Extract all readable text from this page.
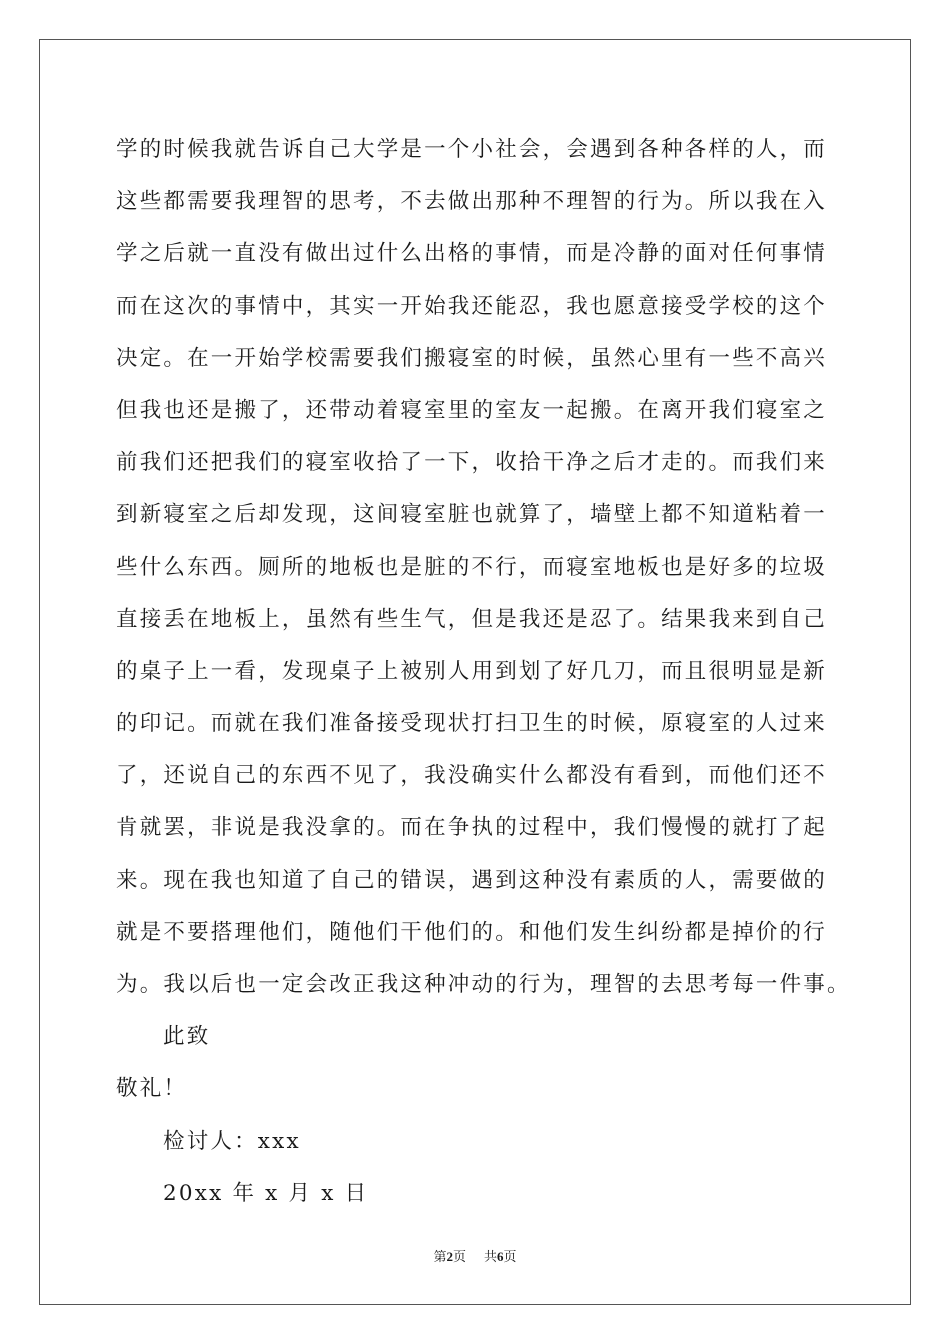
学的时候我就告诉自己大学是一个小社会，会遇到各种各样的人，而
这些都需要我理智的思考，不去做出那种不理智的行为。所以我在入
学之后就一直没有做出过什么出格的事情，而是冷静的面对任何事情
而在这次的事情中，其实一开始我还能忍，我也愿意接受学校的这个
决定。在一开始学校需要我们搬寝室的时候，虽然心里有一些不高兴
但我也还是搬了，还带动着寝室里的室友一起搬。在离开我们寝室之
前我们还把我们的寝室收拾了一下，收拾干净之后才走的。而我们来
到新寝室之后却发现，这间寝室脏也就算了，墙壁上都不知道粘着一
些什么东西。厕所的地板也是脏的不行，而寝室地板也是好多的垃圾
直接丢在地板上，虽然有些生气，但是我还是忍了。结果我来到自己
的桌子上一看，发现桌子上被别人用到划了好几刀，而且很明显是新
的印记。而就在我们准备接受现状打扫卫生的时候，原寝室的人过来
了，还说自己的东西不见了，我没确实什么都没有看到，而他们还不
肯就罢，非说是我没拿的。而在争执的过程中，我们慢慢的就打了起
来。现在我也知道了自己的错误，遇到这种没有素质的人，需要做的
就是不要搭理他们，随他们干他们的。和他们发生纠纷都是掉价的行
为。我以后也一定会改正我这种冲动的行为，理智的去思考每一件事。
此致
敬礼！
检讨人：xxx
20xx 年 x 月 x 日
第2页 共6页
